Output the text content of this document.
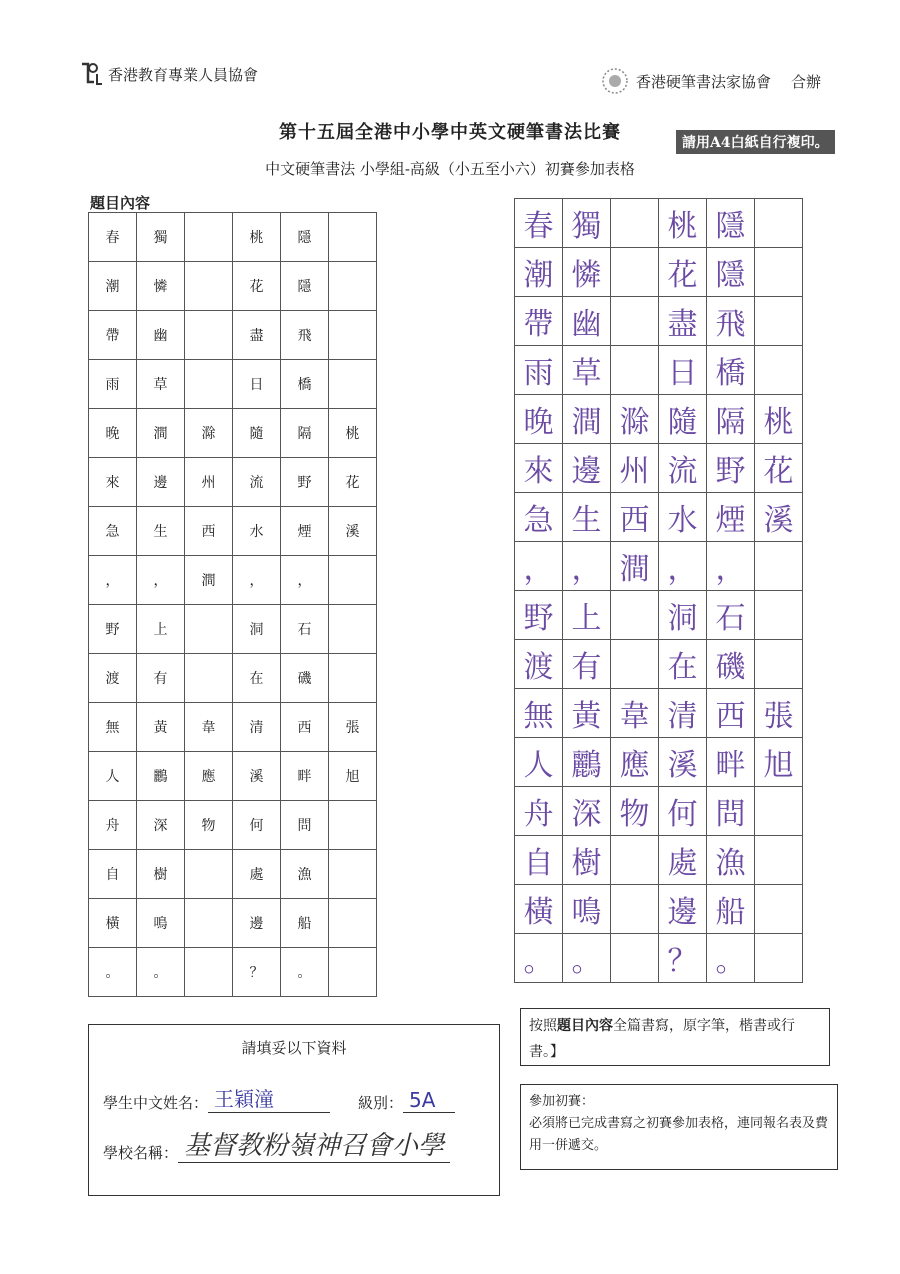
香港教育專業人員協會	香港硬筆書法家協會 合辦
第十五屆全港中小學中英文硬筆書法比賽	請用A4白紙自行複印。
中文硬筆書法 小學組-高級（小五至小六）初賽參加表格
題目內容
春	獨		桃	隱	
潮	憐		花	隱	
帶	幽		盡	飛	
雨	草		日	橋	
晚	澗	滁	隨	隔	桃
來	邊	州	流	野	花
急	生	西	水	煙	溪
，	，	澗	，	，	
野	上		洞	石	
渡	有		在	磯	
無	黃	韋	清	西	張
人	鸝	應	溪	畔	旭
舟	深	物	何	問	
自	樹		處	漁	
橫	鳴		邊	船	
。	。		？	。	
春	獨		桃	隱	
潮	憐		花	隱	
帶	幽		盡	飛	
雨	草		日	橋	
晚	澗	滁	隨	隔	桃
來	邊	州	流	野	花
急	生	西	水	煙	溪
，	，	澗	，	，	
野	上		洞	石	
渡	有		在	磯	
無	黃	韋	清	西	張
人	鸝	應	溪	畔	旭
舟	深	物	何	問	
自	樹		處	漁	
橫	鳴		邊	船	
。	。		？	。	
請填妥以下資料
學生中文姓名： 王穎潼	級別： 5A
學校名稱： 基督教粉嶺神召會小學
按照題目內容全篇書寫，原字筆，楷書或行書。】
參加初賽：
必須將已完成書寫之初賽參加表格，連同報名表及費用一併遞交。
